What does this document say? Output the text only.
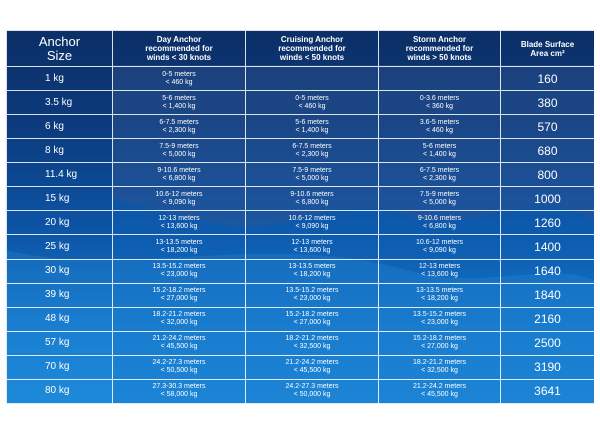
Anchor
Size	Day Anchor
recommended for
winds < 30 knots	Cruising Anchor
recommended for
winds < 50 knots	Storm Anchor
recommended for
winds > 50 knots	Blade Surface
Area cm²

1 kg	0-5 meters
< 460 kg			160

3.5 kg	5-6 meters
< 1,400 kg	0-5 meters
< 460 kg	0-3.6 meters
< 360 kg	380

6 kg	6-7.5 meters
< 2,300 kg	5-6 meters
< 1,400 kg	3.6-5 meters
< 460 kg	570

8 kg	7.5-9 meters
< 5,000 kg	6-7.5 meters
< 2,300 kg	5-6 meters
< 1,400 kg	680

11.4 kg	9-10.6 meters
< 6,800 kg	7.5-9 meters
< 5,000 kg	6-7.5 meters
< 2,300 kg	800

15 kg	10.6-12 meters
< 9,090 kg	9-10.6 meters
< 6,800 kg	7.5-9 meters
< 5,000 kg	1000

20 kg	12-13 meters
< 13,600 kg	10.6-12 meters
< 9,090 kg	9-10.6 meters
< 6,800 kg	1260

25 kg	13-13.5 meters
< 18,200 kg	12-13 meters
< 13,600 kg	10.6-12 meters
< 9,090 kg	1400

30 kg	13.5-15.2 meters
< 23,000 kg	13-13.5 meters
< 18,200 kg	12-13 meters
< 13,600 kg	1640

39 kg	15.2-18.2 meters
< 27,000 kg	13.5-15.2 meters
< 23,000 kg	13-13.5 meters
< 18,200 kg	1840

48 kg	18.2-21.2 meters
< 32,000 kg	15.2-18.2 meters
< 27,000 kg	13.5-15.2 meters
< 23,000 kg	2160

57 kg	21.2-24.2 meters
< 45,500 kg	18.2-21.2 meters
< 32,500 kg	15.2-18.2 meters
< 27,000 kg	2500

70 kg	24.2-27.3 meters
< 50,500 kg	21.2-24.2 meters
< 45,500 kg	18.2-21.2 meters
< 32,500 kg	3190

80 kg	27.3-30.3 meters
< 58,000 kg	24.2-27.3 meters
< 50,000 kg	21.2-24.2 meters
< 45,500 kg	3641
